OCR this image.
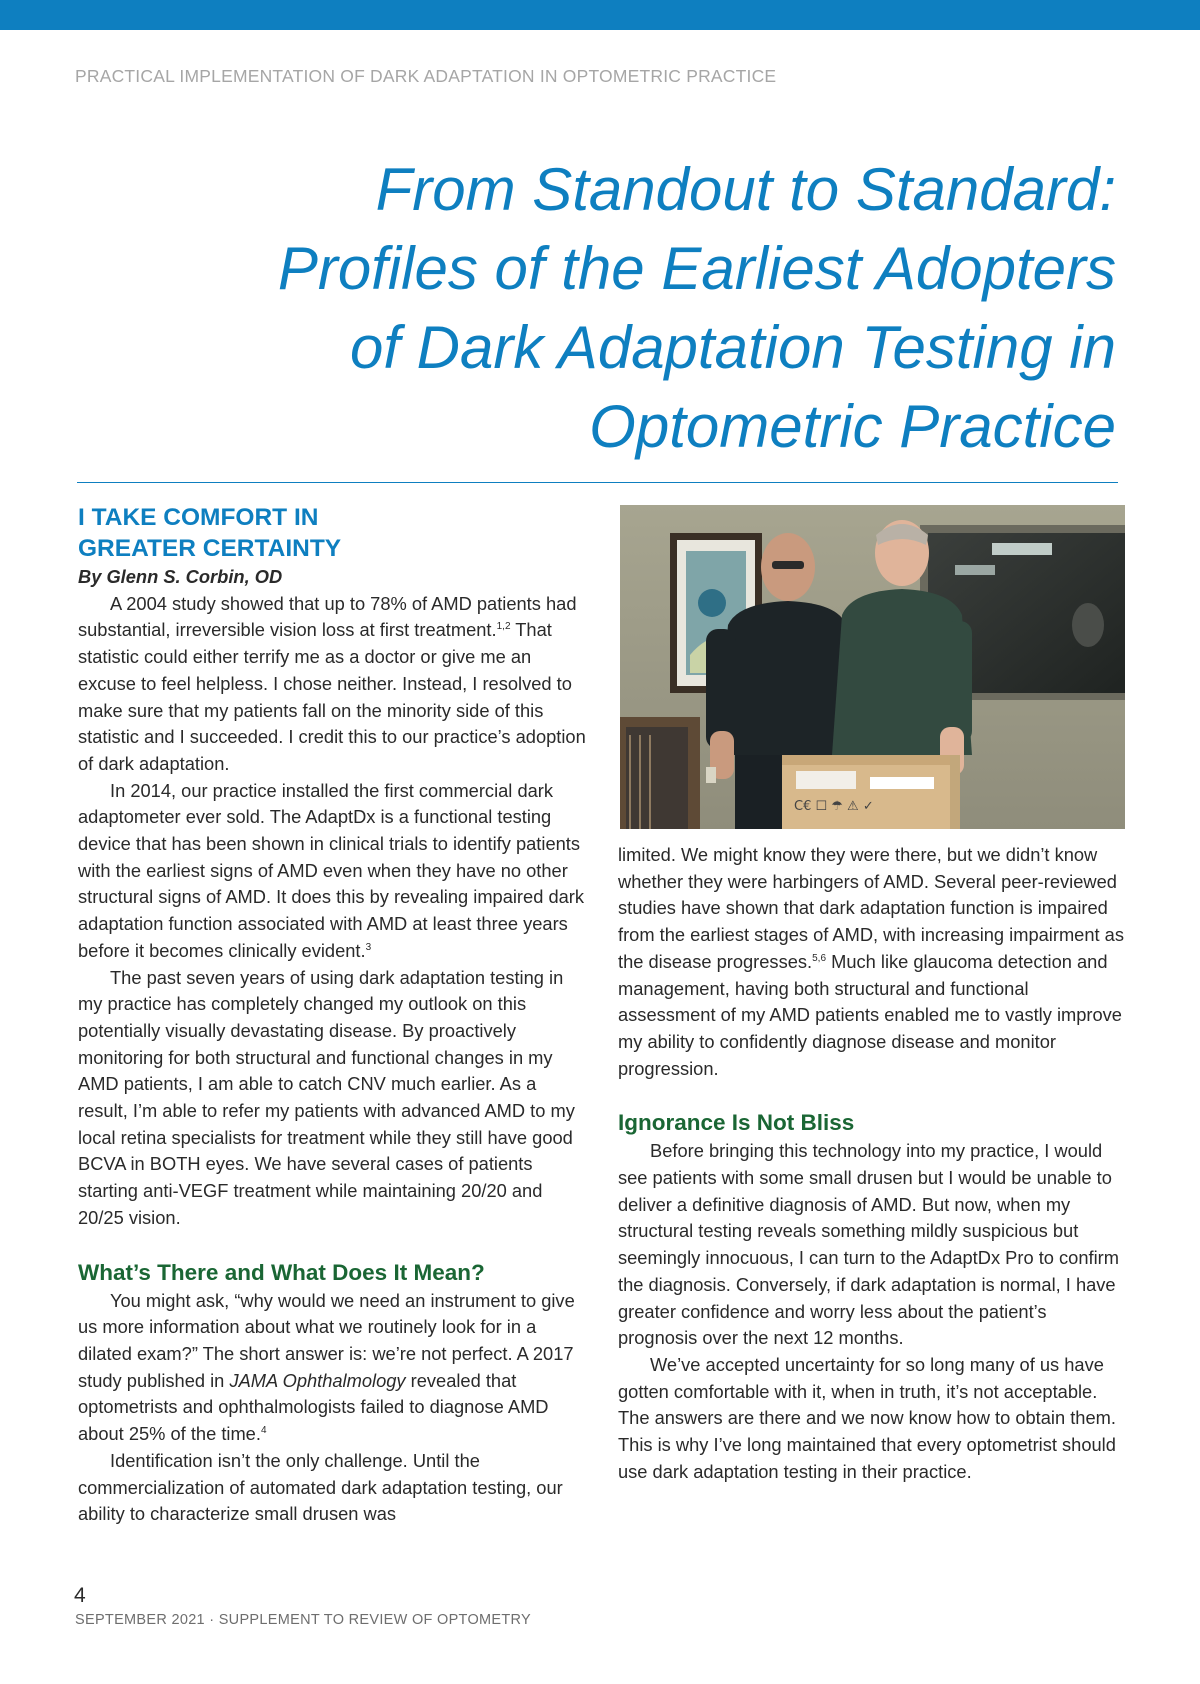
PRACTICAL IMPLEMENTATION OF DARK ADAPTATION IN OPTOMETRIC PRACTICE
From Standout to Standard:
Profiles of the Earliest Adopters
of Dark Adaptation Testing in
Optometric Practice
I TAKE COMFORT IN
GREATER CERTAINTY

By Glenn S. Corbin, OD

A 2004 study showed that up to 78% of AMD patients had substantial, irreversible vision loss at first treatment.$^{1,2}$ That statistic could either terrify me as a doctor or give me an excuse to feel helpless. I chose neither. Instead, I resolved to make sure that my patients fall on the minority side of this statistic and I succeeded. I credit this to our practice’s adoption of dark adaptation.

In 2014, our practice installed the first commercial dark adaptometer ever sold. The AdaptDx is a functional testing device that has been shown in clinical trials to identify patients with the earliest signs of AMD even when they have no other structural signs of AMD. It does this by revealing impaired dark adaptation function associated with AMD at least three years before it becomes clinically evident.$^3$

The past seven years of using dark adaptation testing in my practice has completely changed my outlook on this potentially visually devastating disease. By proactively monitoring for both structural and functional changes in my AMD patients, I am able to catch CNV much earlier. As a result, I’m able to refer my patients with advanced AMD to my local retina specialists for treatment while they still have good BCVA in BOTH eyes. We have several cases of patients starting anti-VEGF treatment while maintaining 20/20 and 20/25 vision.

What’s There and What Does It Mean?

You might ask, “why would we need an instrument to give us more information about what we routinely look for in a dilated exam?” The short answer is: we’re not perfect. A 2017 study published in JAMA Ophthalmology revealed that optometrists and ophthalmologists failed to diagnose AMD about 25% of the time.$^4$

Identification isn’t the only challenge. Until the commercialization of automated dark adaptation testing, our ability to characterize small drusen was

C€ ☐ ☂ ⚠ ✓

limited. We might know they were there, but we didn’t know whether they were harbingers of AMD. Several peer-reviewed studies have shown that dark adaptation function is impaired from the earliest stages of AMD, with increasing impairment as the disease progresses.$^{5,6}$ Much like glaucoma detection and management, having both structural and functional assessment of my AMD patients enabled me to vastly improve my ability to confidently diagnose disease and monitor progression.

Ignorance Is Not Bliss

Before bringing this technology into my practice, I would see patients with some small drusen but I would be unable to deliver a definitive diagnosis of AMD. But now, when my structural testing reveals something mildly suspicious but seemingly innocuous, I can turn to the AdaptDx Pro to confirm the diagnosis. Conversely, if dark adaptation is normal, I have greater confidence and worry less about the patient’s prognosis over the next 12 months.

We’ve accepted uncertainty for so long many of us have gotten comfortable with it, when in truth, it’s not acceptable. The answers are there and we now know how to obtain them. This is why I’ve long maintained that every optometrist should use dark adaptation testing in their practice.

4
SEPTEMBER 2021 · SUPPLEMENT TO REVIEW OF OPTOMETRY
